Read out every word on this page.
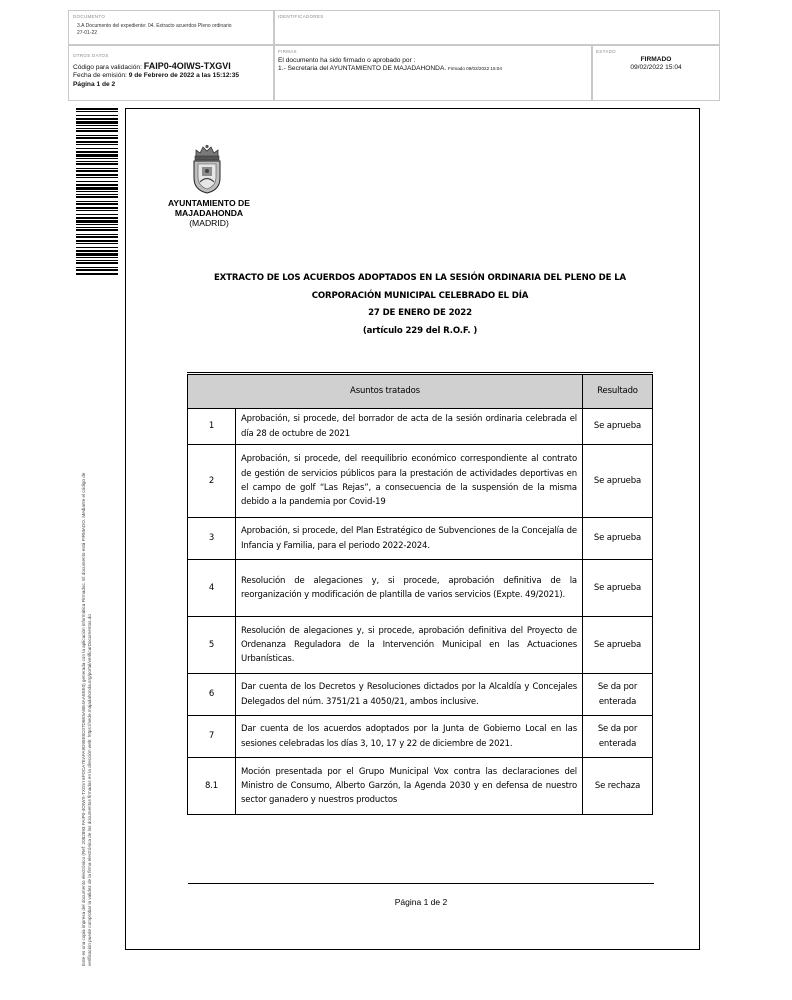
DOCUMENTO
3.A Documento del expediente: 04. Extracto acuerdos Pleno ordinario 27-01-22
IDENTIFICADORES
OTROS DATOS
Código para validación: FAIP0-4OIWS-TXGVI
Fecha de emisión: 9 de Febrero de 2022 a las 15:12:35
Página 1 de 2
FIRMAS
El documento ha sido firmado o aprobado por :
1.- Secretaria del AYUNTAMIENTO DE MAJADAHONDA. Firmado 09/02/2022 15:04
ESTADO
FIRMADO
09/02/2022 15:04
Este es una copia impresa del documento electrónico (Ref: 2082893 FAIP0-4OIWS-TXGVI 6FDCA7EAFA9D95E8C07D6E5ABE4AA5EE0) generada con la aplicación informática Firmadoc. El documento está FIRMADO. Mediante el código de verificación puede comprobar la validez de la firma electrónica de los documentos firmados en la dirección web: https://sede.majadahonda.org/portal/verificarDocumentos.do
AYUNTAMIENTO DE
MAJADAHONDA
(MADRID)
EXTRACTO DE LOS ACUERDOS ADOPTADOS EN LA SESIÓN ORDINARIA DEL PLENO DE LA
CORPORACIÓN MUNICIPAL CELEBRADO EL DÍA
27 DE ENERO DE 2022
(artículo 229 del R.O.F. )
Asuntos tratados		Resultado
1	Aprobación, si procede, del borrador de acta de la sesión ordinaria celebrada el día 28 de octubre de 2021	Se aprueba
2	Aprobación, si procede, del reequilibrio económico correspondiente al contrato de gestión de servicios públicos para la prestación de actividades deportivas en el campo de golf “Las Rejas”, a consecuencia de la suspensión de la misma debido a la pandemia por Covid-19	Se aprueba
3	Aprobación, si procede, del Plan Estratégico de Subvenciones de la Concejalía de Infancia y Familia, para el periodo 2022-2024.	Se aprueba
4	Resolución de alegaciones y, si procede, aprobación definitiva de la reorganización y modificación de plantilla de varios servicios (Expte. 49/2021).	Se aprueba
5	Resolución de alegaciones y, si procede, aprobación definitiva del Proyecto de Ordenanza Reguladora de la Intervención Municipal en las Actuaciones Urbanísticas.	Se aprueba
6	Dar cuenta de los Decretos y Resoluciones dictados por la Alcaldía y Concejales Delegados del núm. 3751/21 a 4050/21, ambos inclusive.	Se da por enterada
7	Dar cuenta de los acuerdos adoptados por la Junta de Gobierno Local en las sesiones celebradas los días 3, 10, 17 y 22 de diciembre de 2021.	Se da por enterada
8.1	Moción presentada por el Grupo Municipal Vox contra las declaraciones del Ministro de Consumo, Alberto Garzón, la Agenda 2030 y en defensa de nuestro sector ganadero y nuestros productos	Se rechaza
Página 1 de 2
